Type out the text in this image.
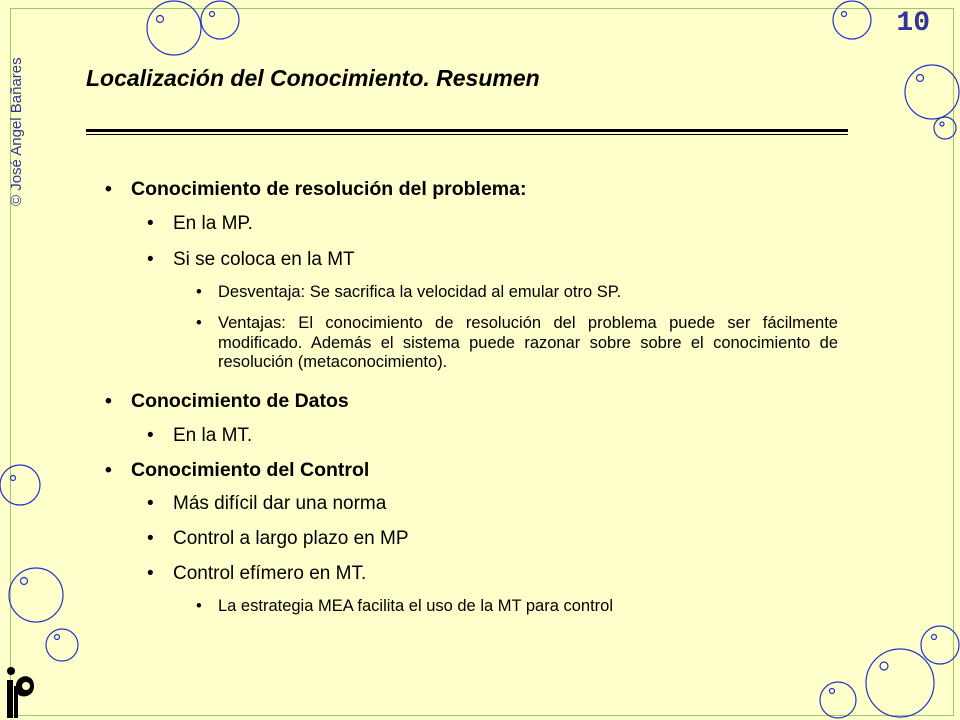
© José Angel Bañares
10
Localización del Conocimiento. Resumen
• Conocimiento de resolución del problema:
• En la MP.
• Si se coloca en la MT
• Desventaja: Se sacrifica la velocidad al emular otro SP.
• Ventajas: El conocimiento de resolución del problema puede ser fácilmente modificado. Además el sistema puede razonar sobre sobre el conocimiento de resolución (metaconocimiento).
• Conocimiento de Datos
• En la MT.
• Conocimiento del Control
• Más difícil dar una norma
• Control a largo plazo en MP
• Control efímero en MT.
• La estrategia MEA facilita el uso de la MT para control
